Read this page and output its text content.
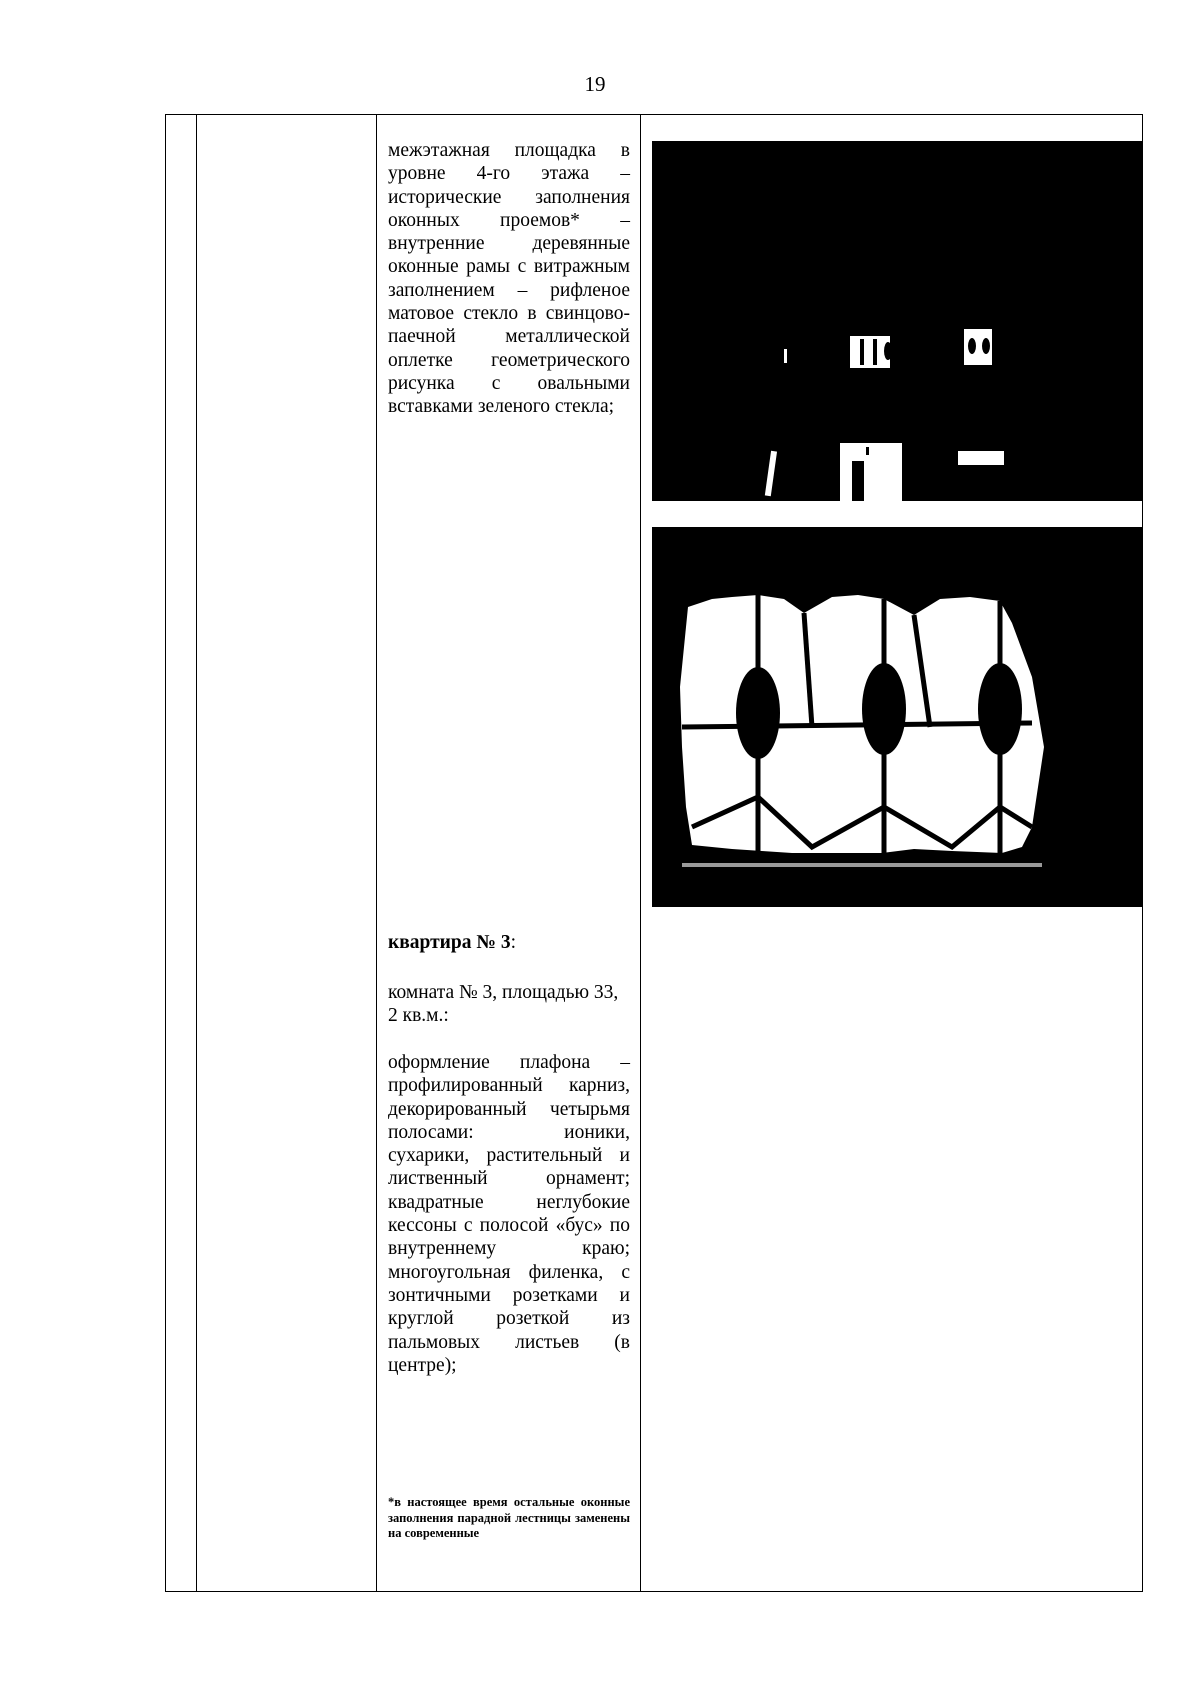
19
межэтажная площадка в уровне 4-го этажа – исторические заполнения оконных проемов* – внутренние деревянные оконные рамы с витражным заполнением – рифленое матовое стекло в свинцово-паечной металлической оплетке геометрического рисунка с овальными вставками зеленого стекла;
квартира № 3:
комната № 3, площадью 33, 2 кв.м.:
оформление плафона – профилированный карниз, декорированный четырьмя полосами: ионики, сухарики, растительный и лиственный орнамент; квадратные неглубокие кессоны с полосой «бус» по внутреннему краю; многоугольная филенка, с зонтичными розетками и круглой розеткой из пальмовых листьев (в центре);
*в настоящее время остальные оконные заполнения парадной лестницы заменены на современные
